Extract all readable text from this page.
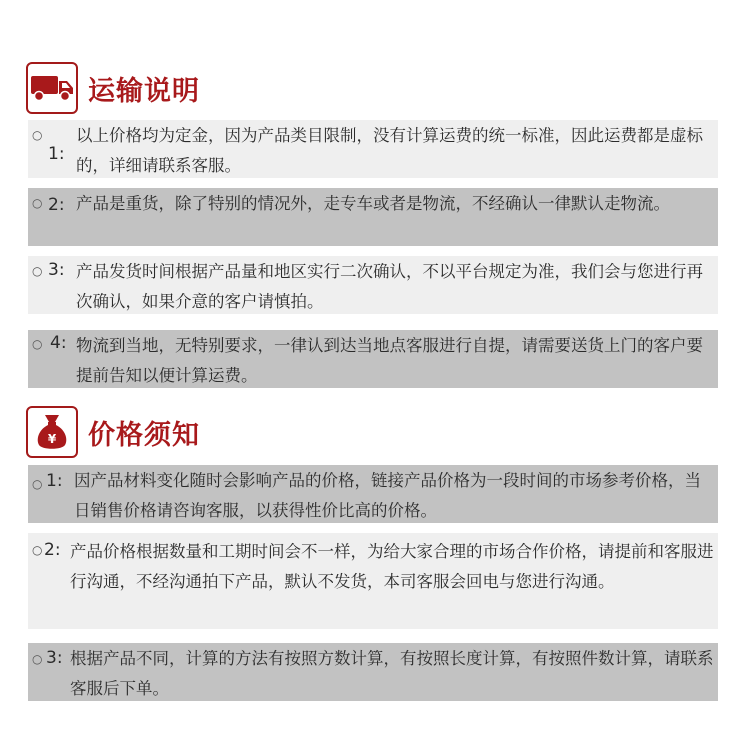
运输说明
○
1:
以上价格均为定金，因为产品类目限制，没有计算运费的统一标准，因此运费都是虚标的，详细请联系客服。
○ 2: 产品是重货，除了特别的情况外，走专车或者是物流，不经确认一律默认走物流。
○ 3: 产品发货时间根据产品量和地区实行二次确认，不以平台规定为准，我们会与您进行再次确认，如果介意的客户请慎拍。
○ 4: 物流到当地，无特别要求，一律认到达当地点客服进行自提，请需要送货上门的客户要提前告知以便计算运费。
¥ 价格须知
○ 1: 因产品材料变化随时会影响产品的价格，链接产品价格为一段时间的市场参考价格，当日销售价格请咨询客服，以获得性价比高的价格。
○ 2: 产品价格根据数量和工期时间会不一样，为给大家合理的市场合作价格，请提前和客服进行沟通，不经沟通拍下产品，默认不发货，本司客服会回电与您进行沟通。
○ 3: 根据产品不同，计算的方法有按照方数计算，有按照长度计算，有按照件数计算，请联系客服后下单。
